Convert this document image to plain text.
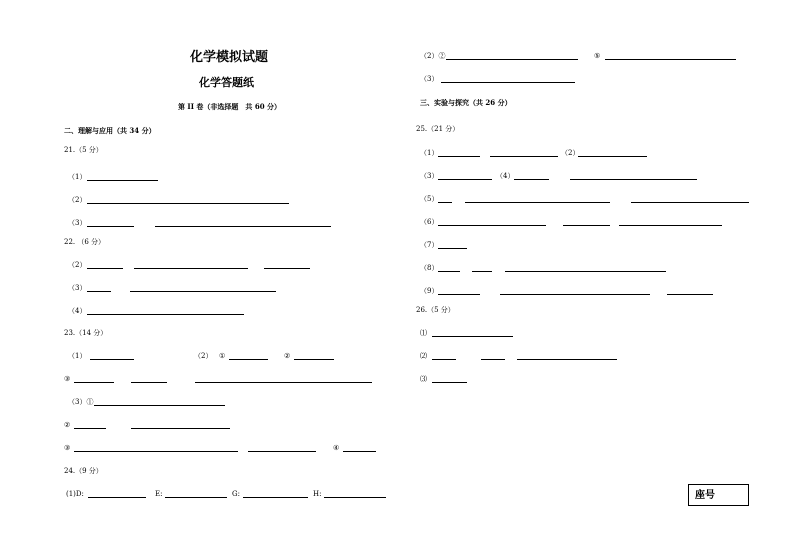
化学模拟试题
化学答题纸
第 II 卷（非选择题　共 60 分）
二、理解与应用（共 34 分）
21.（5 分）
（1）
（2）
（3）
22. （6 分）
（2）
（3）
（4）
23.（14 分）
（1）	（2） ①	②
③
（3）①
②
③	④
24.（9 分）
(1)D:	E:	G:	H:
（2）②	⑤
（3）
三、实验与探究（共 26 分）
25.（21 分）
（1）	（2）
（3）	（4）
（5）
（6）
（7）
（8）
（9）
26.（5 分）
⑴
⑵
⑶
座号
